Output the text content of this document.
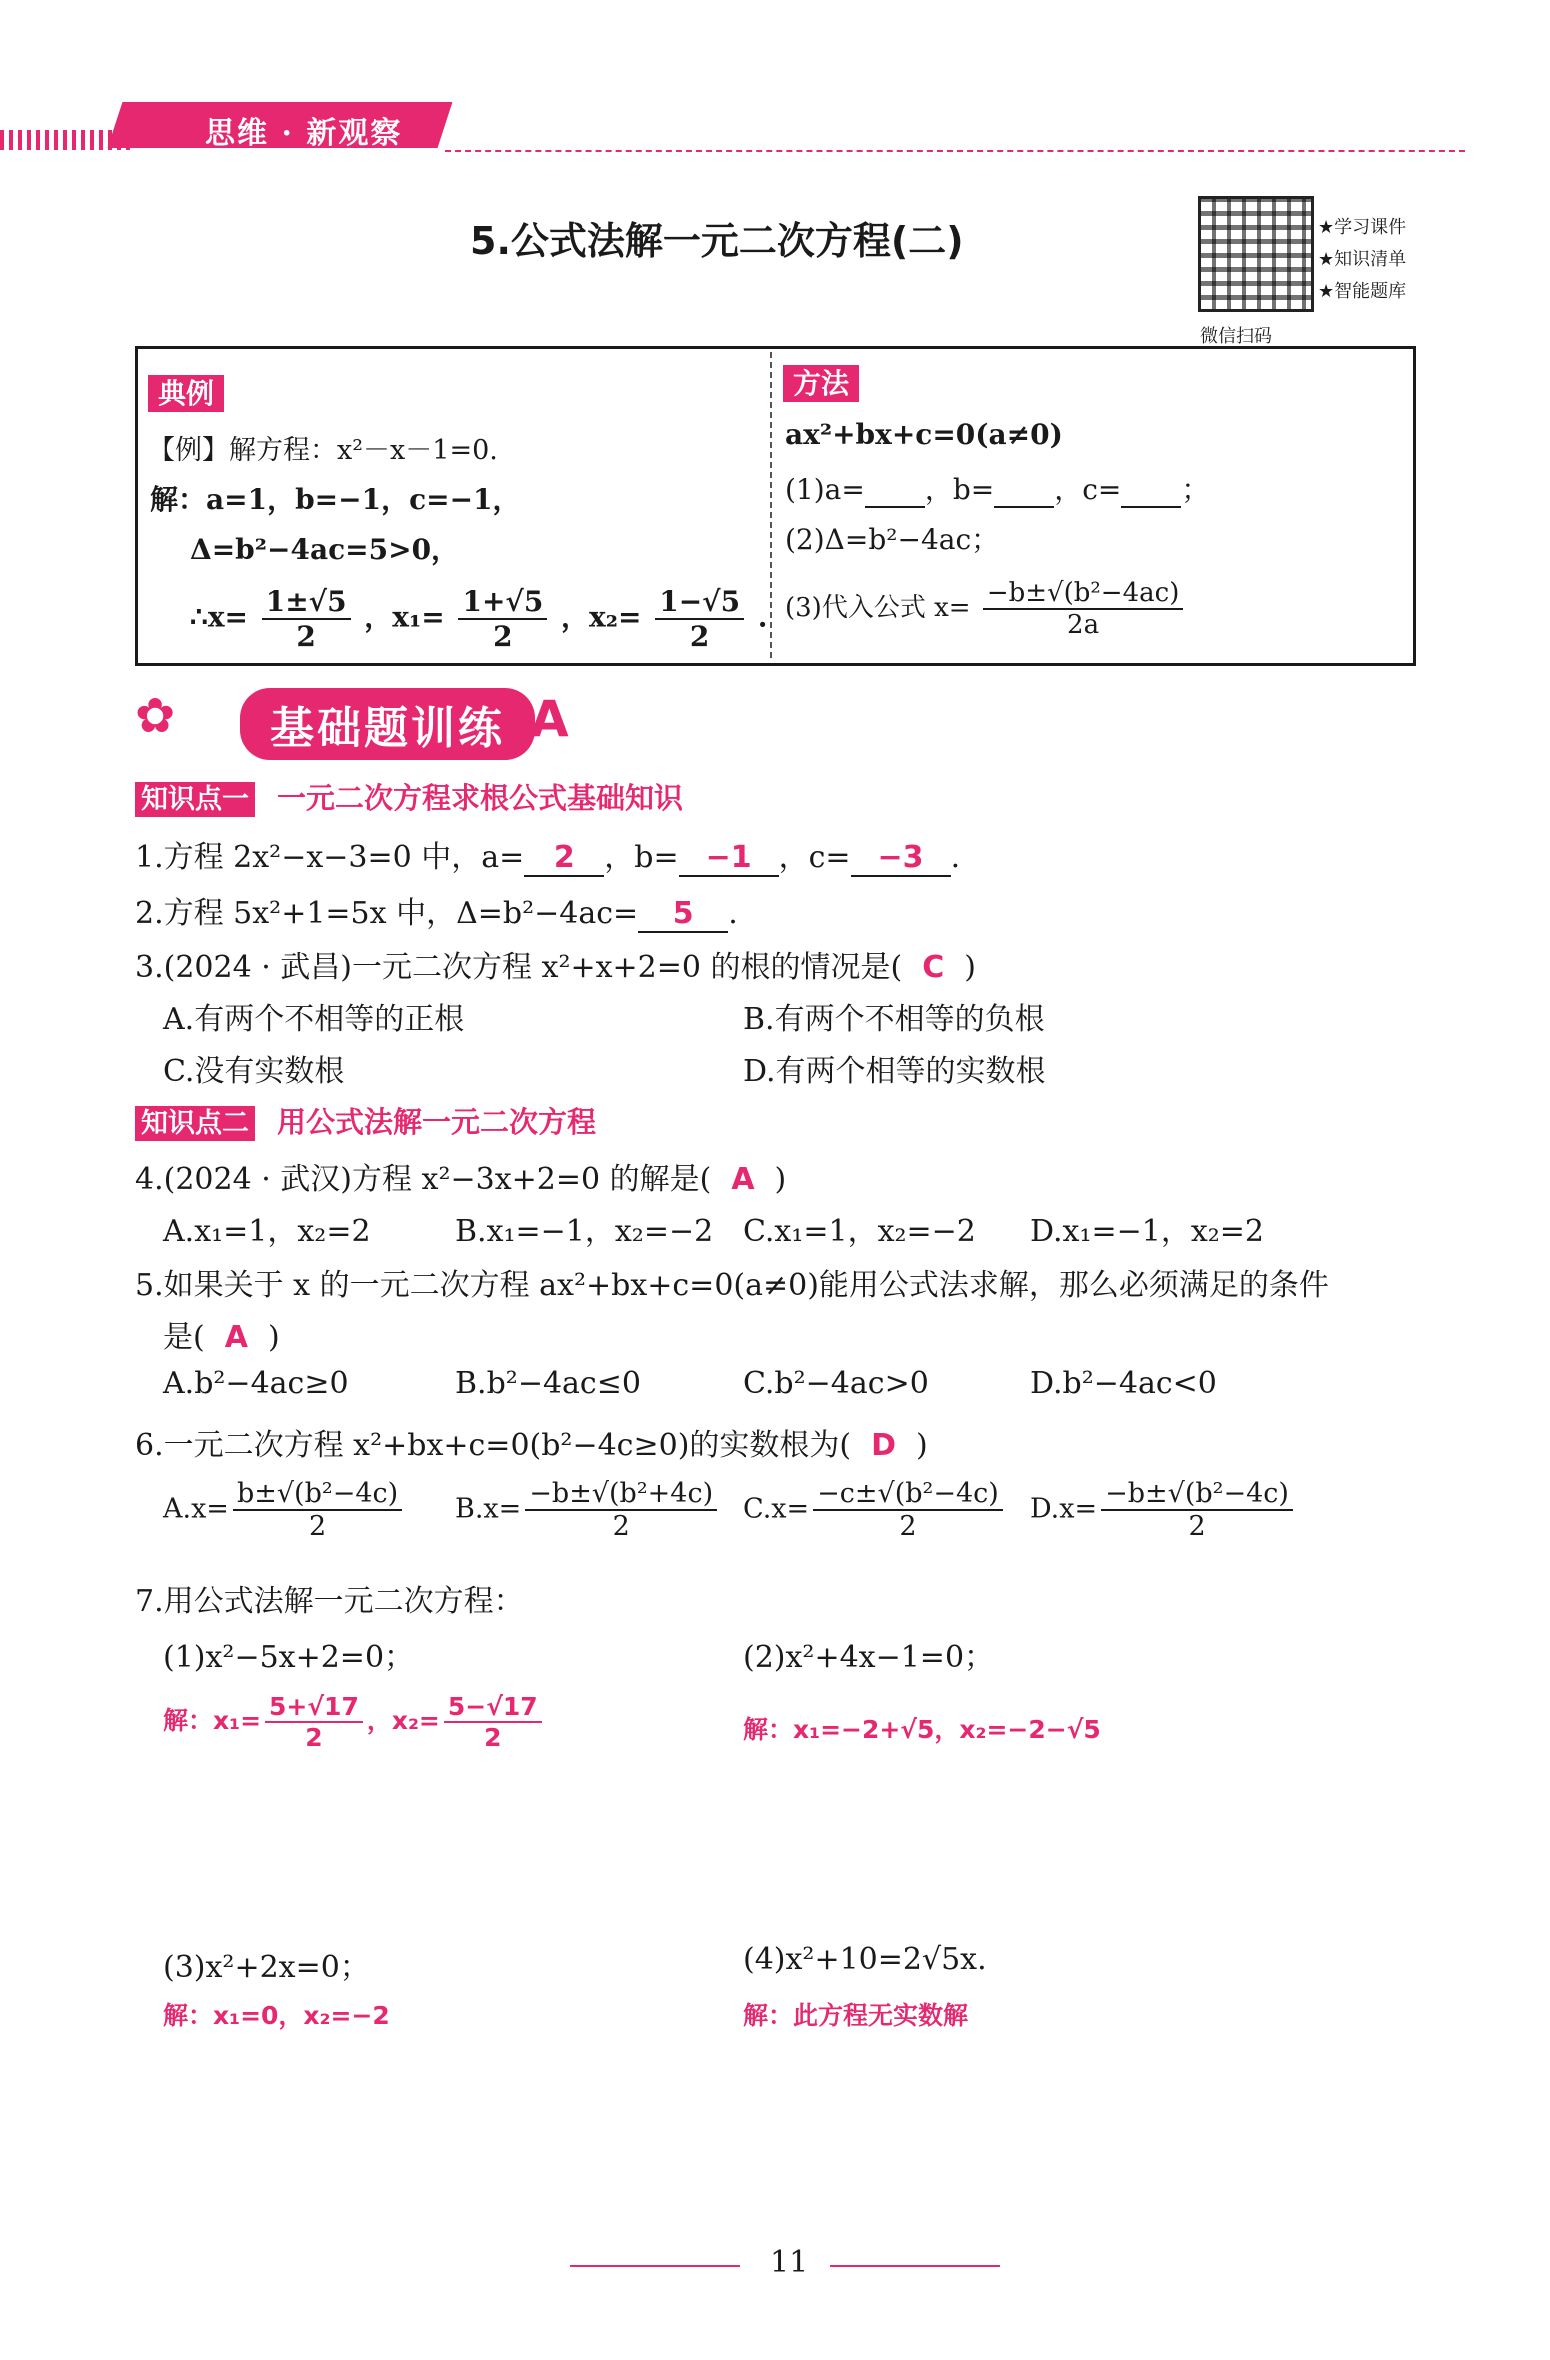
思维 · 新观察
5.公式法解一元二次方程(二)	★学习课件
★知识清单
★智能题库
微信扫码
典例
【例】解方程：x²－x－1=0.
解：a=1，b=−1，c=−1，
Δ=b²−4ac=5>0，
∴x= $\frac{1\pm√5}{2}$ ，$x_1= \frac{1+√5}{2}$ ，$x_2= \frac{1-√5}{2}$ .
方法
ax²+bx+c=0(a≠0)
(1)a= ，b= ，c= ；
(2)Δ=b²−4ac；
(3)代入公式 $x= \frac{\text{−b±√(b²−4ac)}}{2a}$
✿	基础题训练 A
知识点一 一元二次方程求根公式基础知识
1.方程 2x²−x−3=0 中，a= 2 ，b= −1 ，c= −3 .
2.方程 5x²+1=5x 中，Δ=b²−4ac= 5 .
3.(2024 · 武昌)一元二次方程 x²+x+2=0 的根的情况是( C )
A.有两个不相等的正根	B.有两个不相等的负根
C.没有实数根	D.有两个相等的实数根
知识点二 用公式法解一元二次方程
4.(2024 · 武汉)方程 x²−3x+2=0 的解是( A )
A.x₁=1，x₂=2	B.x₁=−1，x₂=−2 C.x₁=1，x₂=−2 D.x₁=−1，x₂=2
5.如果关于 x 的一元二次方程 ax²+bx+c=0(a≠0)能用公式法求解，那么必须满足的条件
是( A )
A.b²−4ac≥0	B.b²−4ac≤0	C.b²−4ac>0	D.b²−4ac<0
6.一元二次方程 x²+bx+c=0(b²−4c≥0)的实数根为( D )
$A.x= \frac{\text{b±√(b²−4c)}}{2} B.x= \frac{\text{−b±√(b²+4c)}}{2} C.x= \frac{\text{−c±√(b²−4c)}}{2} D.x= \frac{\text{−b±√(b²−4c)}}{2}$
7.用公式法解一元二次方程：
(1)x²−5x+2=0；	(2)x²+4x−1=0；
解：$x_1= \frac{5+√17}{2}$ ，$x_2= \frac{5-√17}{2}$	解：x₁=−2+√5，x₂=−2−√5
(3)x²+2x=0；	(4)x²+10=2√5x.
解：x₁=0，x₂=−2	解：此方程无实数解
11
